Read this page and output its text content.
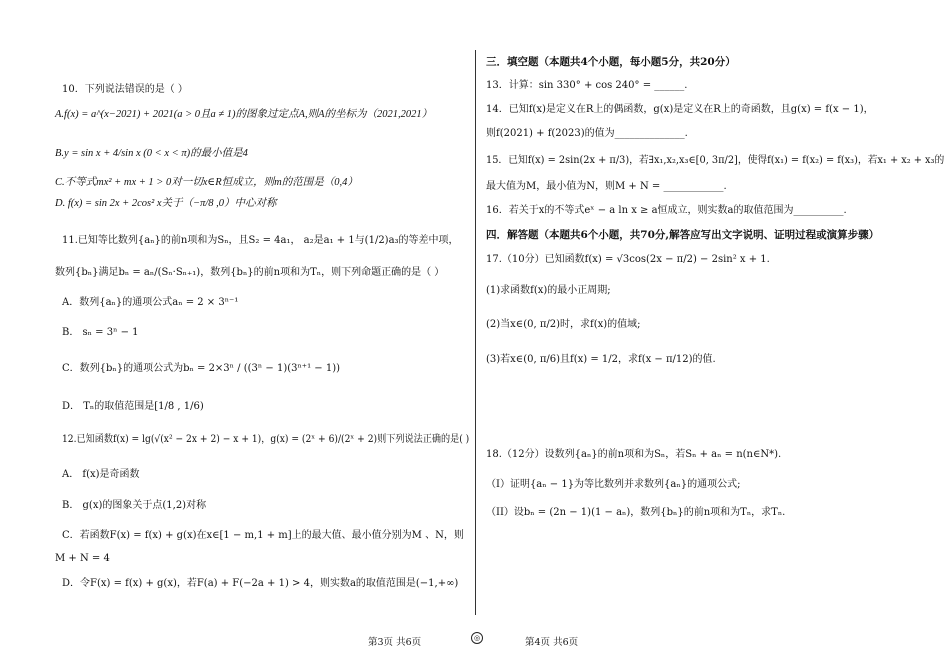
10．下列说法错误的是（ ）
A.f(x) = a^(x−2021) + 2021(a > 0且a ≠ 1)的图象过定点A,则A的坐标为（2021,2021）
B.y = sin x + 4/sin x (0 < x < π)的最小值是4
C.不等式mx² + mx + 1 > 0对一切x∈R恒成立，则m的范围是（0,4）
D. f(x) = sin 2x + 2cos² x关于（−π/8 ,0）中心对称
11.已知等比数列{aₙ}的前n项和为Sₙ，且S₂ = 4a₁， a₂是a₁ + 1与(1/2)a₃的等差中项，
数列{bₙ}满足bₙ = aₙ/(Sₙ·Sₙ₊₁)，数列{bₙ}的前n项和为Tₙ，则下列命题正确的是（ ）
A．数列{aₙ}的通项公式aₙ = 2 × 3ⁿ⁻¹
B． sₙ = 3ⁿ − 1
C．数列{bₙ}的通项公式为bₙ = 2×3ⁿ / ((3ⁿ − 1)(3ⁿ⁺¹ − 1))
D． Tₙ的取值范围是[1/8 , 1/6)
12.已知函数f(x) = lg(√(x² − 2x + 2) − x + 1)，g(x) = (2ˣ + 6)/(2ˣ + 2)则下列说法正确的是( )
A． f(x)是奇函数
B． g(x)的图象关于点(1,2)对称
C．若函数F(x) = f(x) + g(x)在x∈[1 − m,1 + m]上的最大值、最小值分别为M 、N，则
M + N = 4
D．令F(x) = f(x) + g(x)，若F(a) + F(−2a + 1) > 4，则实数a的取值范围是(−1,+∞)
三．填空题（本题共4个小题，每小题5分，共20分）
13．计算：sin 330° + cos 240° = ______.
14．已知f(x)是定义在R上的偶函数，g(x)是定义在R上的奇函数，且g(x) = f(x − 1)，
则f(2021) + f(2023)的值为______________.
15．已知f(x) = 2sin(2x + π/3)，若∃x₁,x₂,x₃∈[0, 3π/2]，使得f(x₁) = f(x₂) = f(x₃)，若x₁ + x₂ + x₃的
最大值为M，最小值为N，则M + N = ____________.
16．若关于x的不等式eˣ − a ln x ≥ a恒成立，则实数a的取值范围为__________.
四．解答题（本题共6个小题，共70分,解答应写出文字说明、证明过程或演算步骤）
17.（10分）已知函数f(x) = √3cos(2x − π/2) − 2sin² x + 1.
(1)求函数f(x)的最小正周期;
(2)当x∈(0, π/2)时，求f(x)的值域;
(3)若x∈(0, π/6)且f(x) = 1/2，求f(x − π/12)的值.
18.（12分）设数列{aₙ}的前n项和为Sₙ，若Sₙ + aₙ = n(n∈N*).
（I）证明{aₙ − 1}为等比数列并求数列{aₙ}的通项公式;
（II）设bₙ = (2n − 1)(1 − aₙ)，数列{bₙ}的前n项和为Tₙ，求Tₙ.
第3页 共6页	◎	第4页 共6页
